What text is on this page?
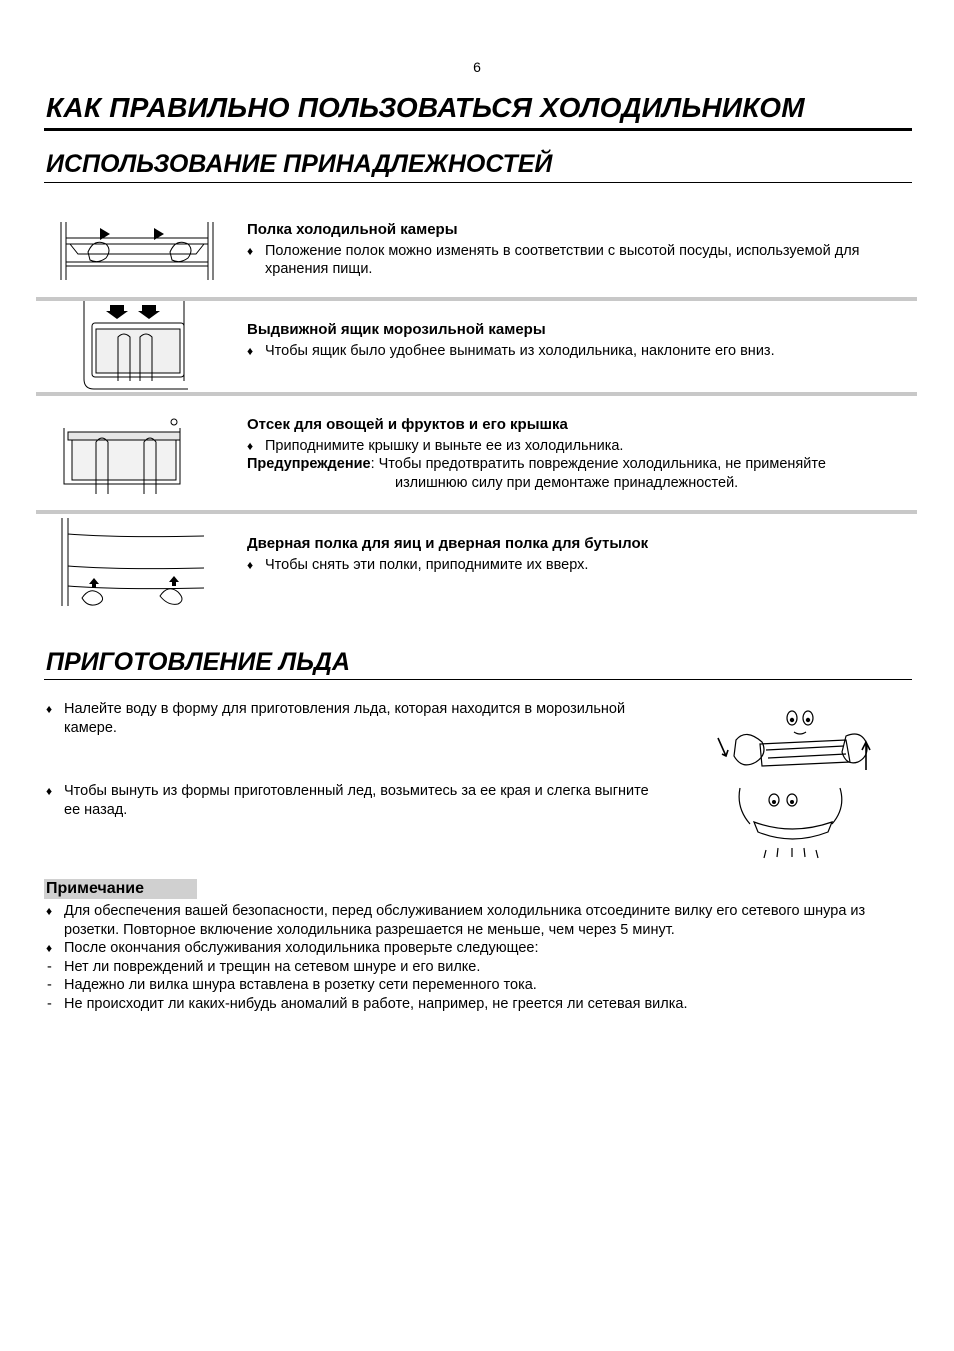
6
КАК ПРАВИЛЬНО ПОЛЬЗОВАТЬСЯ ХОЛОДИЛЬНИКОМ
ИСПОЛЬЗОВАНИЕ ПРИНАДЛЕЖНОСТЕЙ
Полка холодильной камеры
♦ Положение полок можно изменять в соответствии с высотой посуды, используемой для хранения пищи.
Выдвижной ящик морозильной камеры
♦ Чтобы ящик было удобнее вынимать из холодильника, наклоните его вниз.
Отсек для овощей и фруктов и его крышка
♦ Приподнимите крышку и выньте ее из холодильника.
Предупреждение: Чтобы предотвратить повреждение холодильника, не применяйте
излишнюю силу при демонтаже принадлежностей.
Дверная полка для яиц и дверная полка для бутылок
♦ Чтобы снять эти полки, приподнимите их вверх.
ПРИГОТОВЛЕНИЕ ЛЬДА
♦ Налейте воду в форму для приготовления льда, которая находится в морозильной камере.
♦ Чтобы вынуть из формы приготовленный лед, возьмитесь за ее края и слегка выгните ее назад.
Примечание
♦ Для обеспечения вашей безопасности, перед обслуживанием холодильника отсоедините вилку его сетевого шнура из розетки. Повторное включение холодильника разрешается не меньше, чем через 5 минут.
♦ После окончания обслуживания холодильника проверьте следующее:
- Нет ли повреждений и трещин на сетевом шнуре и его вилке.
- Надежно ли вилка шнура вставлена в розетку сети переменного тока.
- Не происходит ли каких-нибудь аномалий в работе, например, не греется ли сетевая вилка.
